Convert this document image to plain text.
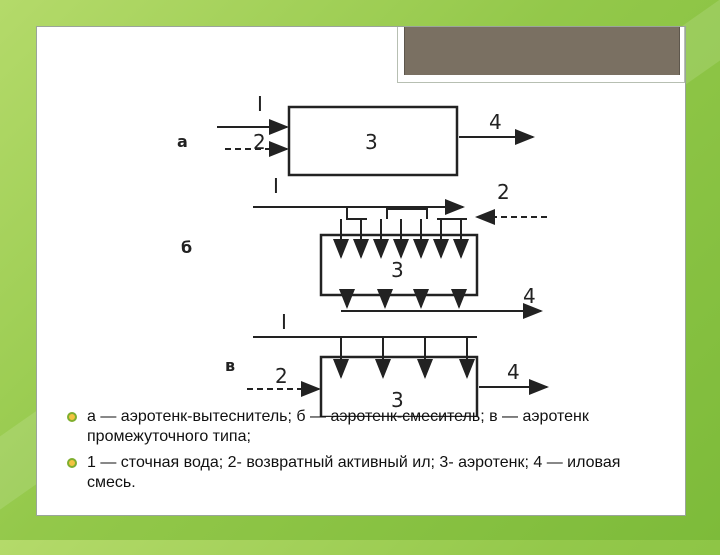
а
I
2	3
4
б
I	2
3
4
в
I
2
3
4
а — аэротенк-вытеснитель; б — аэротенк-смеситель; в — аэротенк промежуточного типа;
1 — сточная вода; 2- возвратный активный ил; 3- аэротенк; 4 — иловая смесь.
